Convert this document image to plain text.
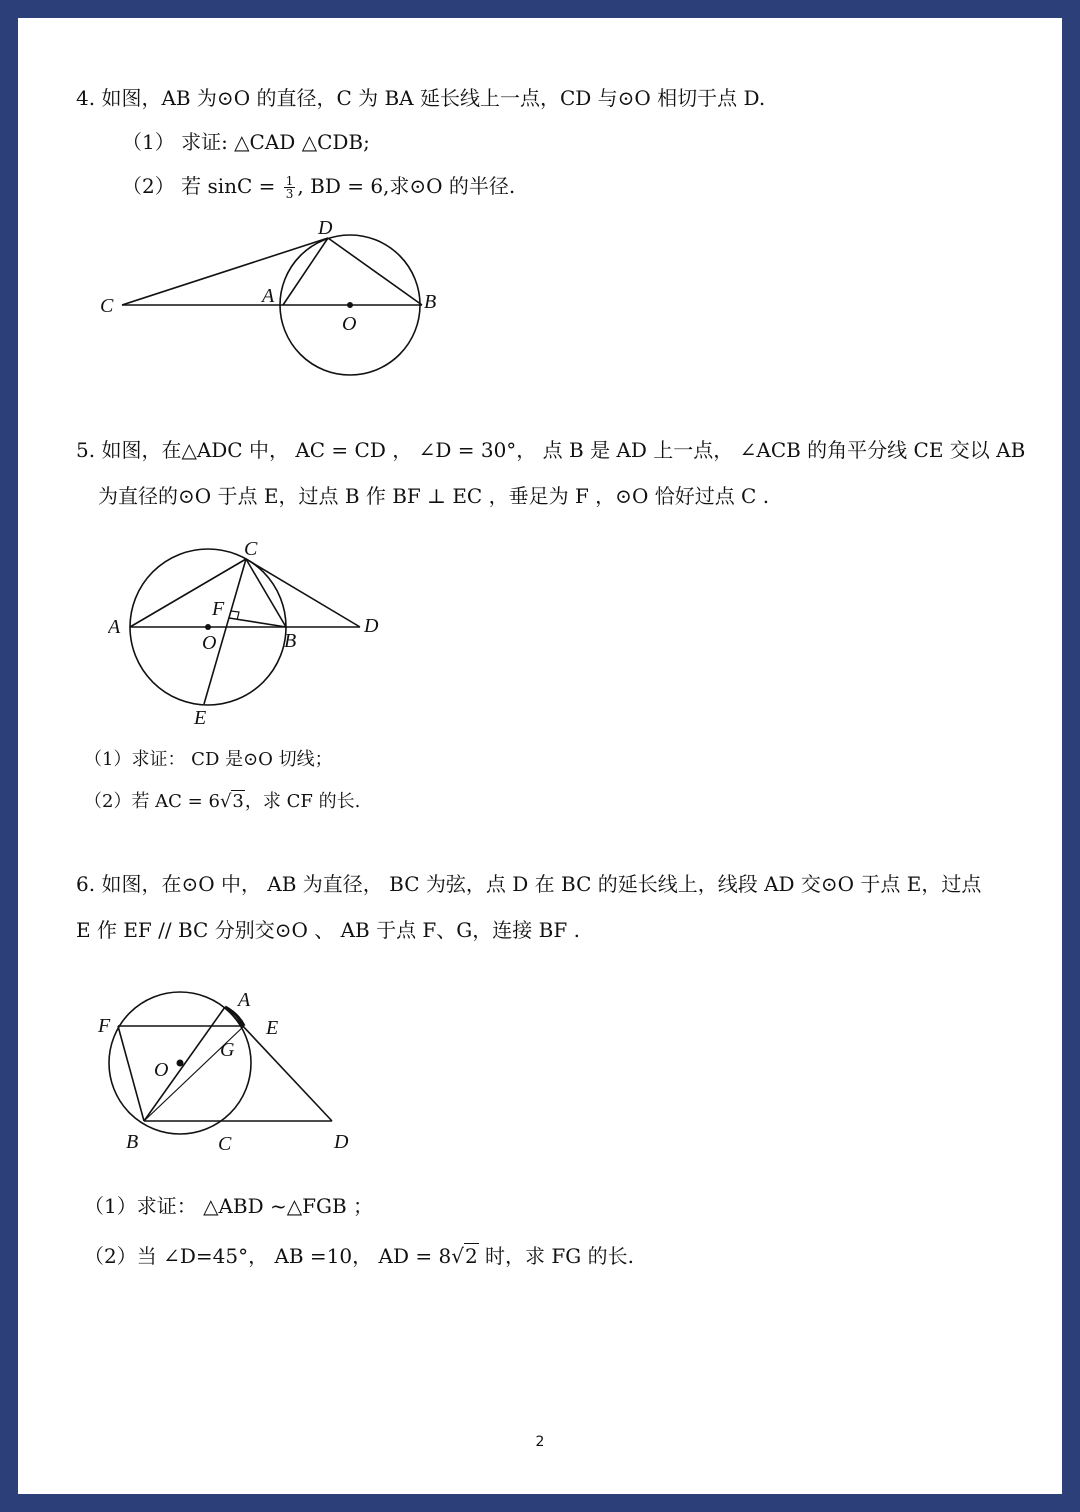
4. 如图，AB 为⊙O 的直径，C 为 BA 延长线上一点，CD 与⊙O 相切于点 D.
（1） 求证: △CAD △CDB;
（2） 若 $\sin C = \frac{1}{3}$ , BD = 6,求⊙O 的半径.
C	A
O
B
D
5. 如图，在△ADC 中， AC = CD ， ∠D = 30°， 点 B 是 AD 上一点， ∠ACB 的角平分线 CE 交以 AB
为直径的⊙O 于点 E，过点 B 作 BF ⊥ EC ，垂足为 F ，⊙O 恰好过点 C .
A
O	B
D
C
F
E
（1）求证： CD 是⊙O 切线；
（2）若 AC = 6√3，求 CF 的长.
6. 如图，在⊙O 中， AB 为直径， BC 为弦，点 D 在 BC 的延长线上，线段 AD 交⊙O 于点 E，过点
E 作 EF // BC 分别交⊙O 、 AB 于点 F、G，连接 BF .
F
A
E
G
O
B	C	D
（1）求证： △ABD ~△FGB ；
（2）当 ∠D=45°， AB =10， AD = 8√2 时，求 FG 的长.
2
